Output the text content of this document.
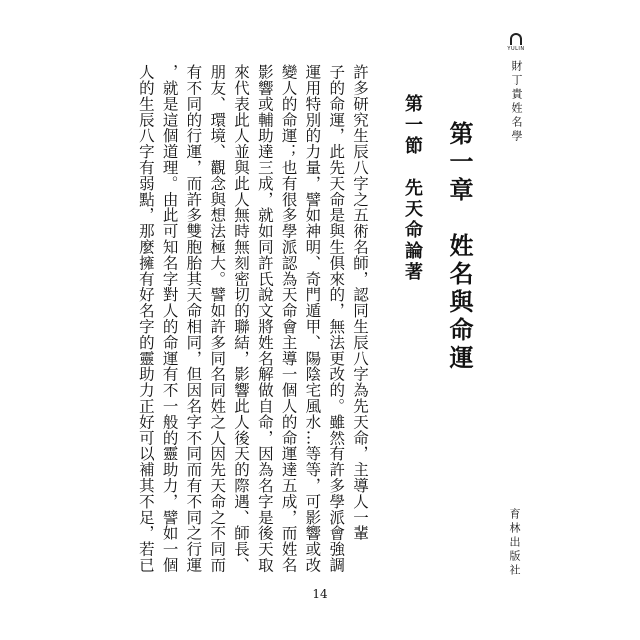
YULIN
財丁貴姓名學
育林出版社
第一章　姓名與命運
第一節　先天命論著
許多研究生辰八字之五術名師，認同生辰八字為先天命，主導人一輩
子的命運，此先天命是與生俱來的，無法更改的。雖然有許多學派會強調
運用特別的力量，譬如神明、奇門遁甲、陽陰宅風水…等等，可影響或改
變人的命運；也有很多學派認為天命會主導一個人的命運達五成，而姓名
影響或輔助達三成，就如同許氏說文將姓名解做自命，因為名字是後天取
來代表此人並與此人無時無刻密切的聯結，影響此人後天的際遇、師長、
朋友、環境、觀念與想法極大。譬如許多同名同姓之人因先天命之不同而
有不同的行運，而許多雙胞胎其天命相同，但因名字不同而有不同之行運
，就是這個道理。由此可知名字對人的命運有不一般的靈助力，譬如一個
人的生辰八字有弱點，那麼擁有好名字的靈助力正好可以補其不足，若已
14
